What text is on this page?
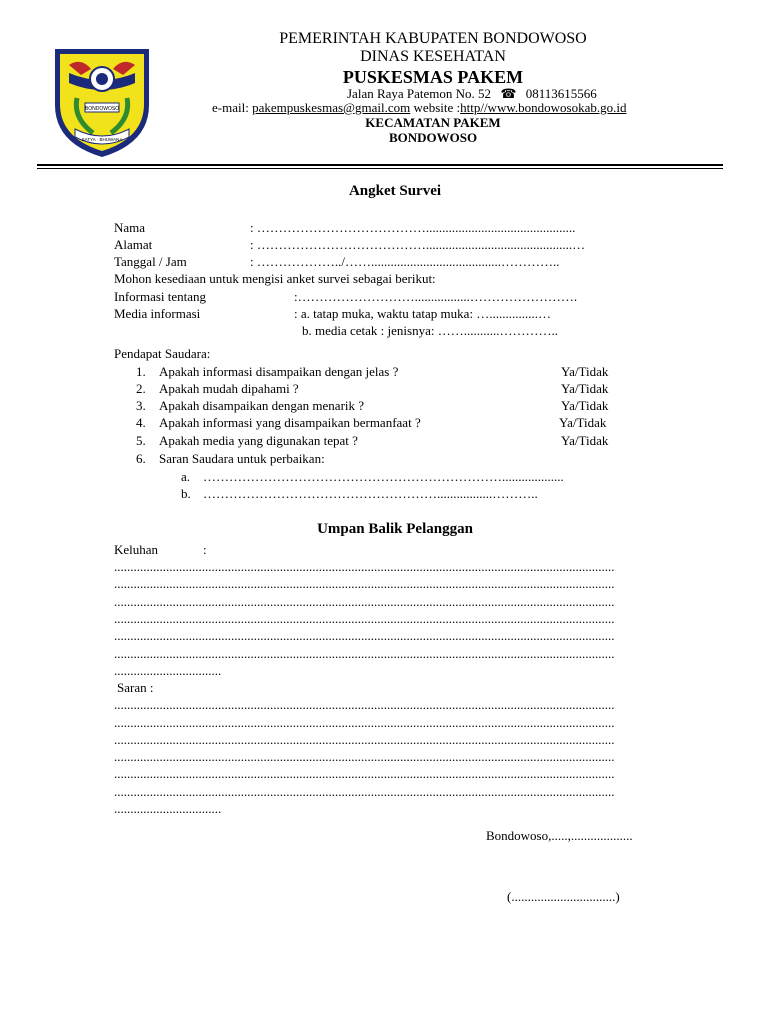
BONDOWOSO
SATYA · BHUWANA
PEMERINTAH KABUPATEN BONDOWOSO
DINAS KESEHATAN
PUSKESMAS PAKEM
Jalan Raya Patemon No. 52 ☎ 08113615566
e-mail: pakempuskesmas@gmail.com website :http//www.bondowosokab.go.id
KECAMATAN PAKEM
BONDOWOSO
Angket Survei
Nama	: …………………………………..............................................
Alamat	: ………………………………….............................................…
Tanggal / Jam	: ………………../……........................................…………..
Mohon kesediaan untuk mengisi anket survei sebagai berikut:
Informasi tentang	:……………………….................…………………….
Media informasi	: a. tatap muka, waktu tatap muka: …...............…
b. media cetak : jenisnya: ……...........…………..
Pendapat Saudara:
1. Apakah informasi disampaikan dengan jelas ?	Ya/Tidak
2. Apakah mudah dipahami ?	Ya/Tidak
3. Apakah disampaikan dengan menarik ?	Ya/Tidak
4. Apakah informasi yang disampaikan bermanfaat ?	Ya/Tidak
5. Apakah media yang digunakan tepat ?	Ya/Tidak
6. Saran Saudara untuk perbaikan:
a. ……………………………………………………………...................
b. ……………………………………………….................………..
Umpan Balik Pelanggan
Keluhan	:
..........................................................................................................................................................
..........................................................................................................................................................
..........................................................................................................................................................
..........................................................................................................................................................
..........................................................................................................................................................
..........................................................................................................................................................
.................................
Saran :
..........................................................................................................................................................
..........................................................................................................................................................
..........................................................................................................................................................
..........................................................................................................................................................
..........................................................................................................................................................
..........................................................................................................................................................
.................................
Bondowoso,.....,...................
(................................)
